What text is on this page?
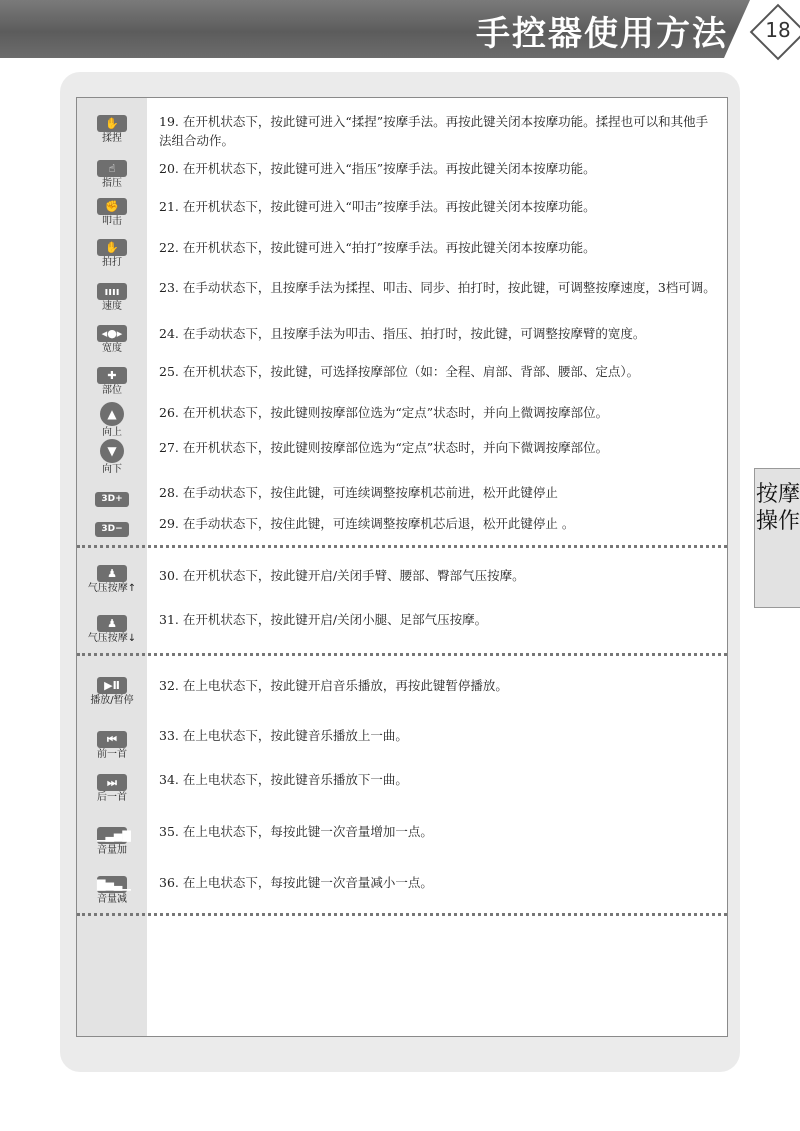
手控器使用方法	18
✋
揉捏
19. 在开机状态下，按此键可进入“揉捏”按摩手法。再按此键关闭本按摩功能。揉捏也可以和其他手法组合动作。
☝
指压
20. 在开机状态下，按此键可进入“指压”按摩手法。再按此键关闭本按摩功能。
✊
叩击
21. 在开机状态下，按此键可进入“叩击”按摩手法。再按此键关闭本按摩功能。
✋
拍打
22. 在开机状态下，按此键可进入“拍打”按摩手法。再按此键关闭本按摩功能。
ıııı
速度
23. 在手动状态下，且按摩手法为揉捏、叩击、同步、拍打时，按此键，可调整按摩速度，3档可调。
◂●▸
宽度
24. 在手动状态下，且按摩手法为叩击、指压、拍打时，按此键，可调整按摩臂的宽度。
✚
部位
25. 在开机状态下，按此键，可选择按摩部位（如：全程、肩部、背部、腰部、定点）。
▲
向上
26. 在开机状态下，按此键则按摩部位选为“定点”状态时，并向上微调按摩部位。
▼
向下
27. 在开机状态下，按此键则按摩部位选为“定点”状态时，并向下微调按摩部位。
3D+	28. 在手动状态下，按住此键，可连续调整按摩机芯前进，松开此键停止
3D−	29. 在手动状态下，按住此键，可连续调整按摩机芯后退，松开此键停止 。
♟
气压按摩↑
30. 在开机状态下，按此键开启/关闭手臂、腰部、臀部气压按摩。
♟
气压按摩↓
31. 在开机状态下，按此键开启/关闭小腿、足部气压按摩。
▶Ⅱ
播放/暂停
32. 在上电状态下，按此键开启音乐播放，再按此键暂停播放。
⏮
前一首
33. 在上电状态下，按此键音乐播放上一曲。
⏭
后一首
34. 在上电状态下，按此键音乐播放下一曲。
▁▃▅▇
音量加
35. 在上电状态下，每按此键一次音量增加一点。
▇▅▃▁
音量减
36. 在上电状态下，每按此键一次音量减小一点。
按摩操作
